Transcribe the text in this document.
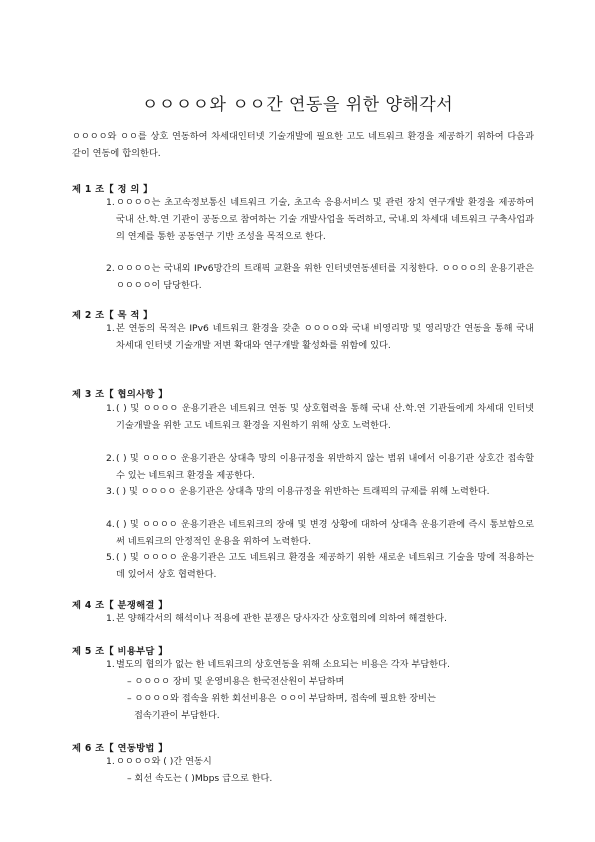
ㅇㅇㅇㅇ와 ㅇㅇ간 연동을 위한 양해각서
ㅇㅇㅇㅇ와 ㅇㅇ를 상호 연동하여 차세대인터넷 기술개발에 필요한 고도 네트워크 환경을 제공하기 위하여 다음과 같이 연동에 합의한다.
제 1 조【 정 의 】
1. ㅇㅇㅇㅇ는 초고속정보통신 네트워크 기술, 초고속 응용서비스 및 관련 장치 연구개발 환경을 제공하여 국내 산.학.연 기관이 공동으로 참여하는 기술 개발사업을 독려하고, 국내.외 차세대 네트워크 구축사업과의 연계를 통한 공동연구 기반 조성을 목적으로 한다.
2. ㅇㅇㅇㅇ는 국내외 IPv6망간의 트래픽 교환을 위한 인터넷연동센터를 지칭한다. ㅇㅇㅇㅇ의 운용기관은 ㅇㅇㅇㅇ이 담당한다.
제 2 조【 목 적 】
1. 본 연동의 목적은 IPv6 네트워크 환경을 갖춘 ㅇㅇㅇㅇ와 국내 비영리망 및 영리망간 연동을 통해 국내 차세대 인터넷 기술개발 저변 확대와 연구개발 활성화를 위함에 있다.
제 3 조【 협의사항 】
1. ( ) 및 ㅇㅇㅇㅇ 운용기관은 네트워크 연동 및 상호협력을 통해 국내 산.학.연 기관들에게 차세대 인터넷 기술개발을 위한 고도 네트워크 환경을 지원하기 위해 상호 노력한다.
2. ( ) 및 ㅇㅇㅇㅇ 운용기관은 상대측 망의 이용규정을 위반하지 않는 범위 내에서 이용기관 상호간 접속할 수 있는 네트워크 환경을 제공한다.
3. ( ) 및 ㅇㅇㅇㅇ 운용기관은 상대측 망의 이용규정을 위반하는 트래픽의 규제를 위해 노력한다.
4. ( ) 및 ㅇㅇㅇㅇ 운용기관은 네트워크의 장애 및 변경 상황에 대하여 상대측 운용기관에 즉시 통보함으로써 네트워크의 안정적인 운용을 위하여 노력한다.
5. ( ) 및 ㅇㅇㅇㅇ 운용기관은 고도 네트워크 환경을 제공하기 위한 새로운 네트워크 기술을 망에 적용하는데 있어서 상호 협력한다.
제 4 조【 분쟁해결 】
1. 본 양해각서의 해석이나 적용에 관한 분쟁은 당사자간 상호협의에 의하여 해결한다.
제 5 조【 비용부담 】
1. 별도의 협의가 없는 한 네트워크의 상호연동을 위해 소요되는 비용은 각자 부담한다.
– ㅇㅇㅇㅇ 장비 및 운영비용은 한국전산원이 부담하며
– ㅇㅇㅇㅇ와 접속을 위한 회선비용은 ㅇㅇ이 부담하며, 접속에 필요한 장비는
접속기관이 부담한다.
제 6 조【 연동방법 】
1. ㅇㅇㅇㅇ와 ( )간 연동시
– 회선 속도는 ( )Mbps 급으로 한다.
